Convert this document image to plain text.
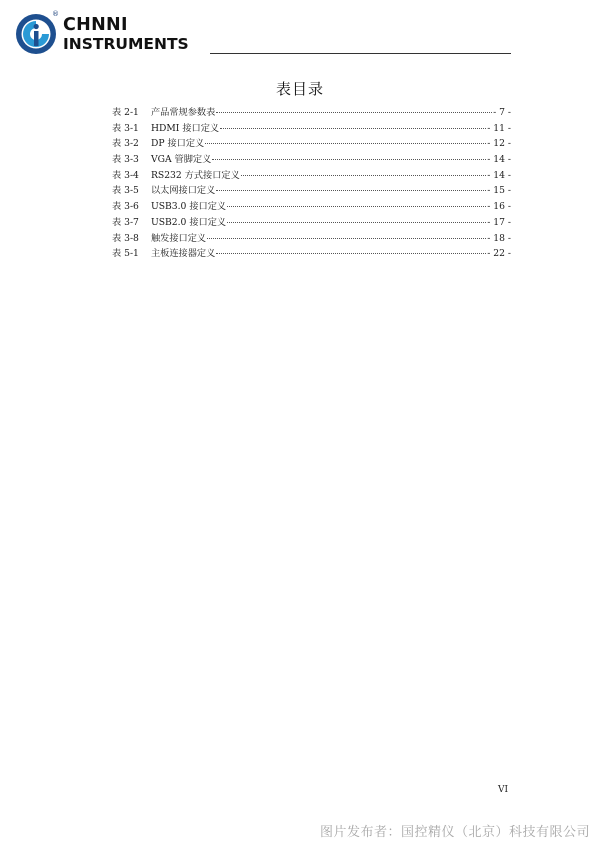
®
CHNNI
INSTRUMENTS
表目录
表 2-1	产品常规参数表	- 7 -
表 3-1	HDMI 接口定义	- 11 -
表 3-2	DP 接口定义	- 12 -
表 3-3	VGA 管脚定义	- 14 -
表 3-4	RS232 方式接口定义	- 14 -
表 3-5	以太网接口定义	- 15 -
表 3-6	USB3.0 接口定义	- 16 -
表 3-7	USB2.0 接口定义	- 17 -
表 3-8	触发接口定义	- 18 -
表 5-1	主板连接器定义	- 22 -
VI
图片发布者：国控精仪（北京）科技有限公司
